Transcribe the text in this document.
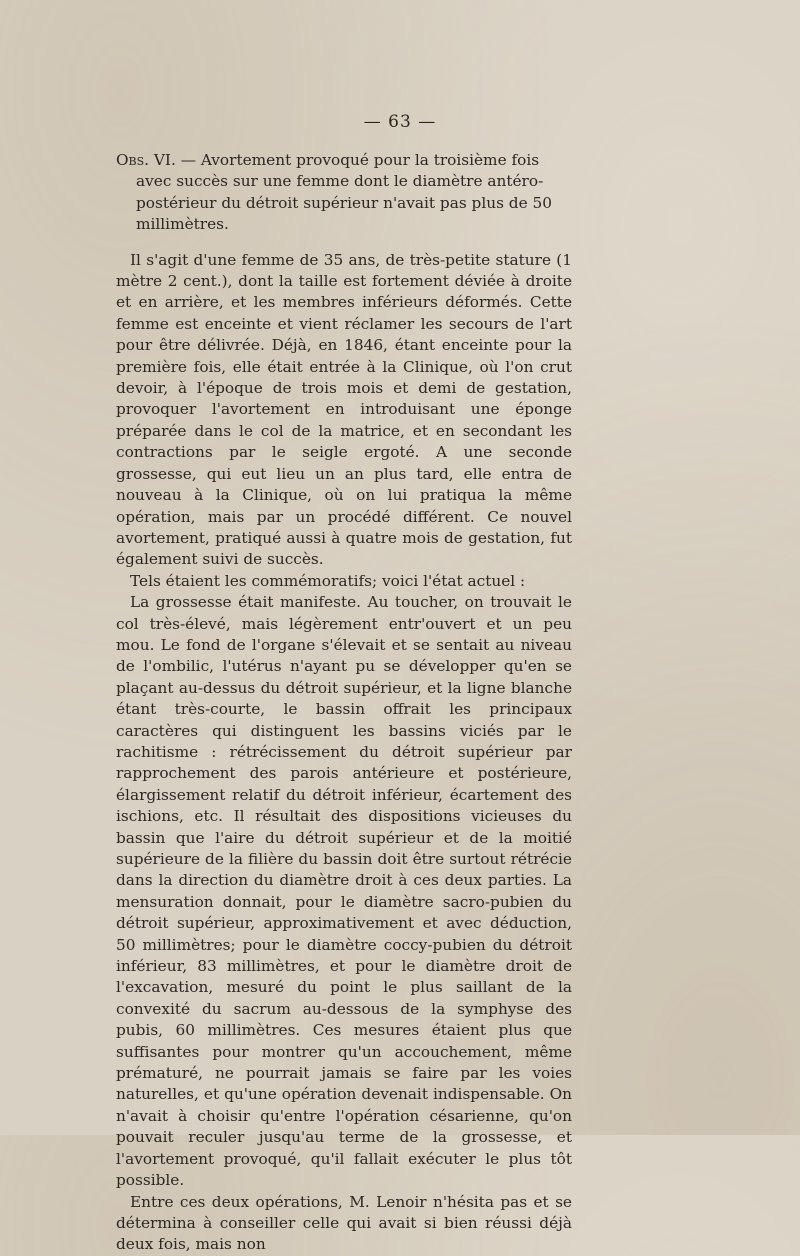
— 63 —

Obs. VI. — Avortement provoqué pour la troisième fois avec succès sur une femme dont le diamètre antéro-postérieur du détroit supérieur n'avait pas plus de 50 millimètres.

Il s'agit d'une femme de 35 ans, de très-petite stature (1 mètre 2 cent.), dont la taille est fortement déviée à droite et en arrière, et les membres inférieurs déformés. Cette femme est enceinte et vient réclamer les secours de l'art pour être délivrée. Déjà, en 1846, étant enceinte pour la première fois, elle était entrée à la Clinique, où l'on crut devoir, à l'époque de trois mois et demi de gestation, provoquer l'avortement en introduisant une éponge préparée dans le col de la matrice, et en secondant les contractions par le seigle ergoté. A une seconde grossesse, qui eut lieu un an plus tard, elle entra de nouveau à la Clinique, où on lui pratiqua la même opération, mais par un procédé différent. Ce nouvel avortement, pratiqué aussi à quatre mois de gestation, fut également suivi de succès.

Tels étaient les commémoratifs; voici l'état actuel :

La grossesse était manifeste. Au toucher, on trouvait le col très-élevé, mais légèrement entr'ouvert et un peu mou. Le fond de l'organe s'élevait et se sentait au niveau de l'ombilic, l'utérus n'ayant pu se développer qu'en se plaçant au-dessus du détroit supérieur, et la ligne blanche étant très-courte, le bassin offrait les principaux caractères qui distinguent les bassins viciés par le rachitisme : rétrécissement du détroit supérieur par rapprochement des parois antérieure et postérieure, élargissement relatif du détroit inférieur, écartement des ischions, etc. Il résultait des dispositions vicieuses du bassin que l'aire du détroit supérieur et de la moitié supérieure de la filière du bassin doit être surtout rétrécie dans la direction du diamètre droit à ces deux parties. La mensuration donnait, pour le diamètre sacro-pubien du détroit supérieur, approximativement et avec déduction, 50 millimètres; pour le diamètre coccy-pubien du détroit inférieur, 83 millimètres, et pour le diamètre droit de l'excavation, mesuré du point le plus saillant de la convexité du sacrum au-dessous de la symphyse des pubis, 60 millimètres. Ces mesures étaient plus que suffisantes pour montrer qu'un accouchement, même prématuré, ne pourrait jamais se faire par les voies naturelles, et qu'une opération devenait indispensable. On n'avait à choisir qu'entre l'opération césarienne, qu'on pouvait reculer jusqu'au terme de la grossesse, et l'avortement provoqué, qu'il fallait exécuter le plus tôt possible.

Entre ces deux opérations, M. Lenoir n'hésita pas et se détermina à conseiller celle qui avait si bien réussi déjà deux fois, mais non
